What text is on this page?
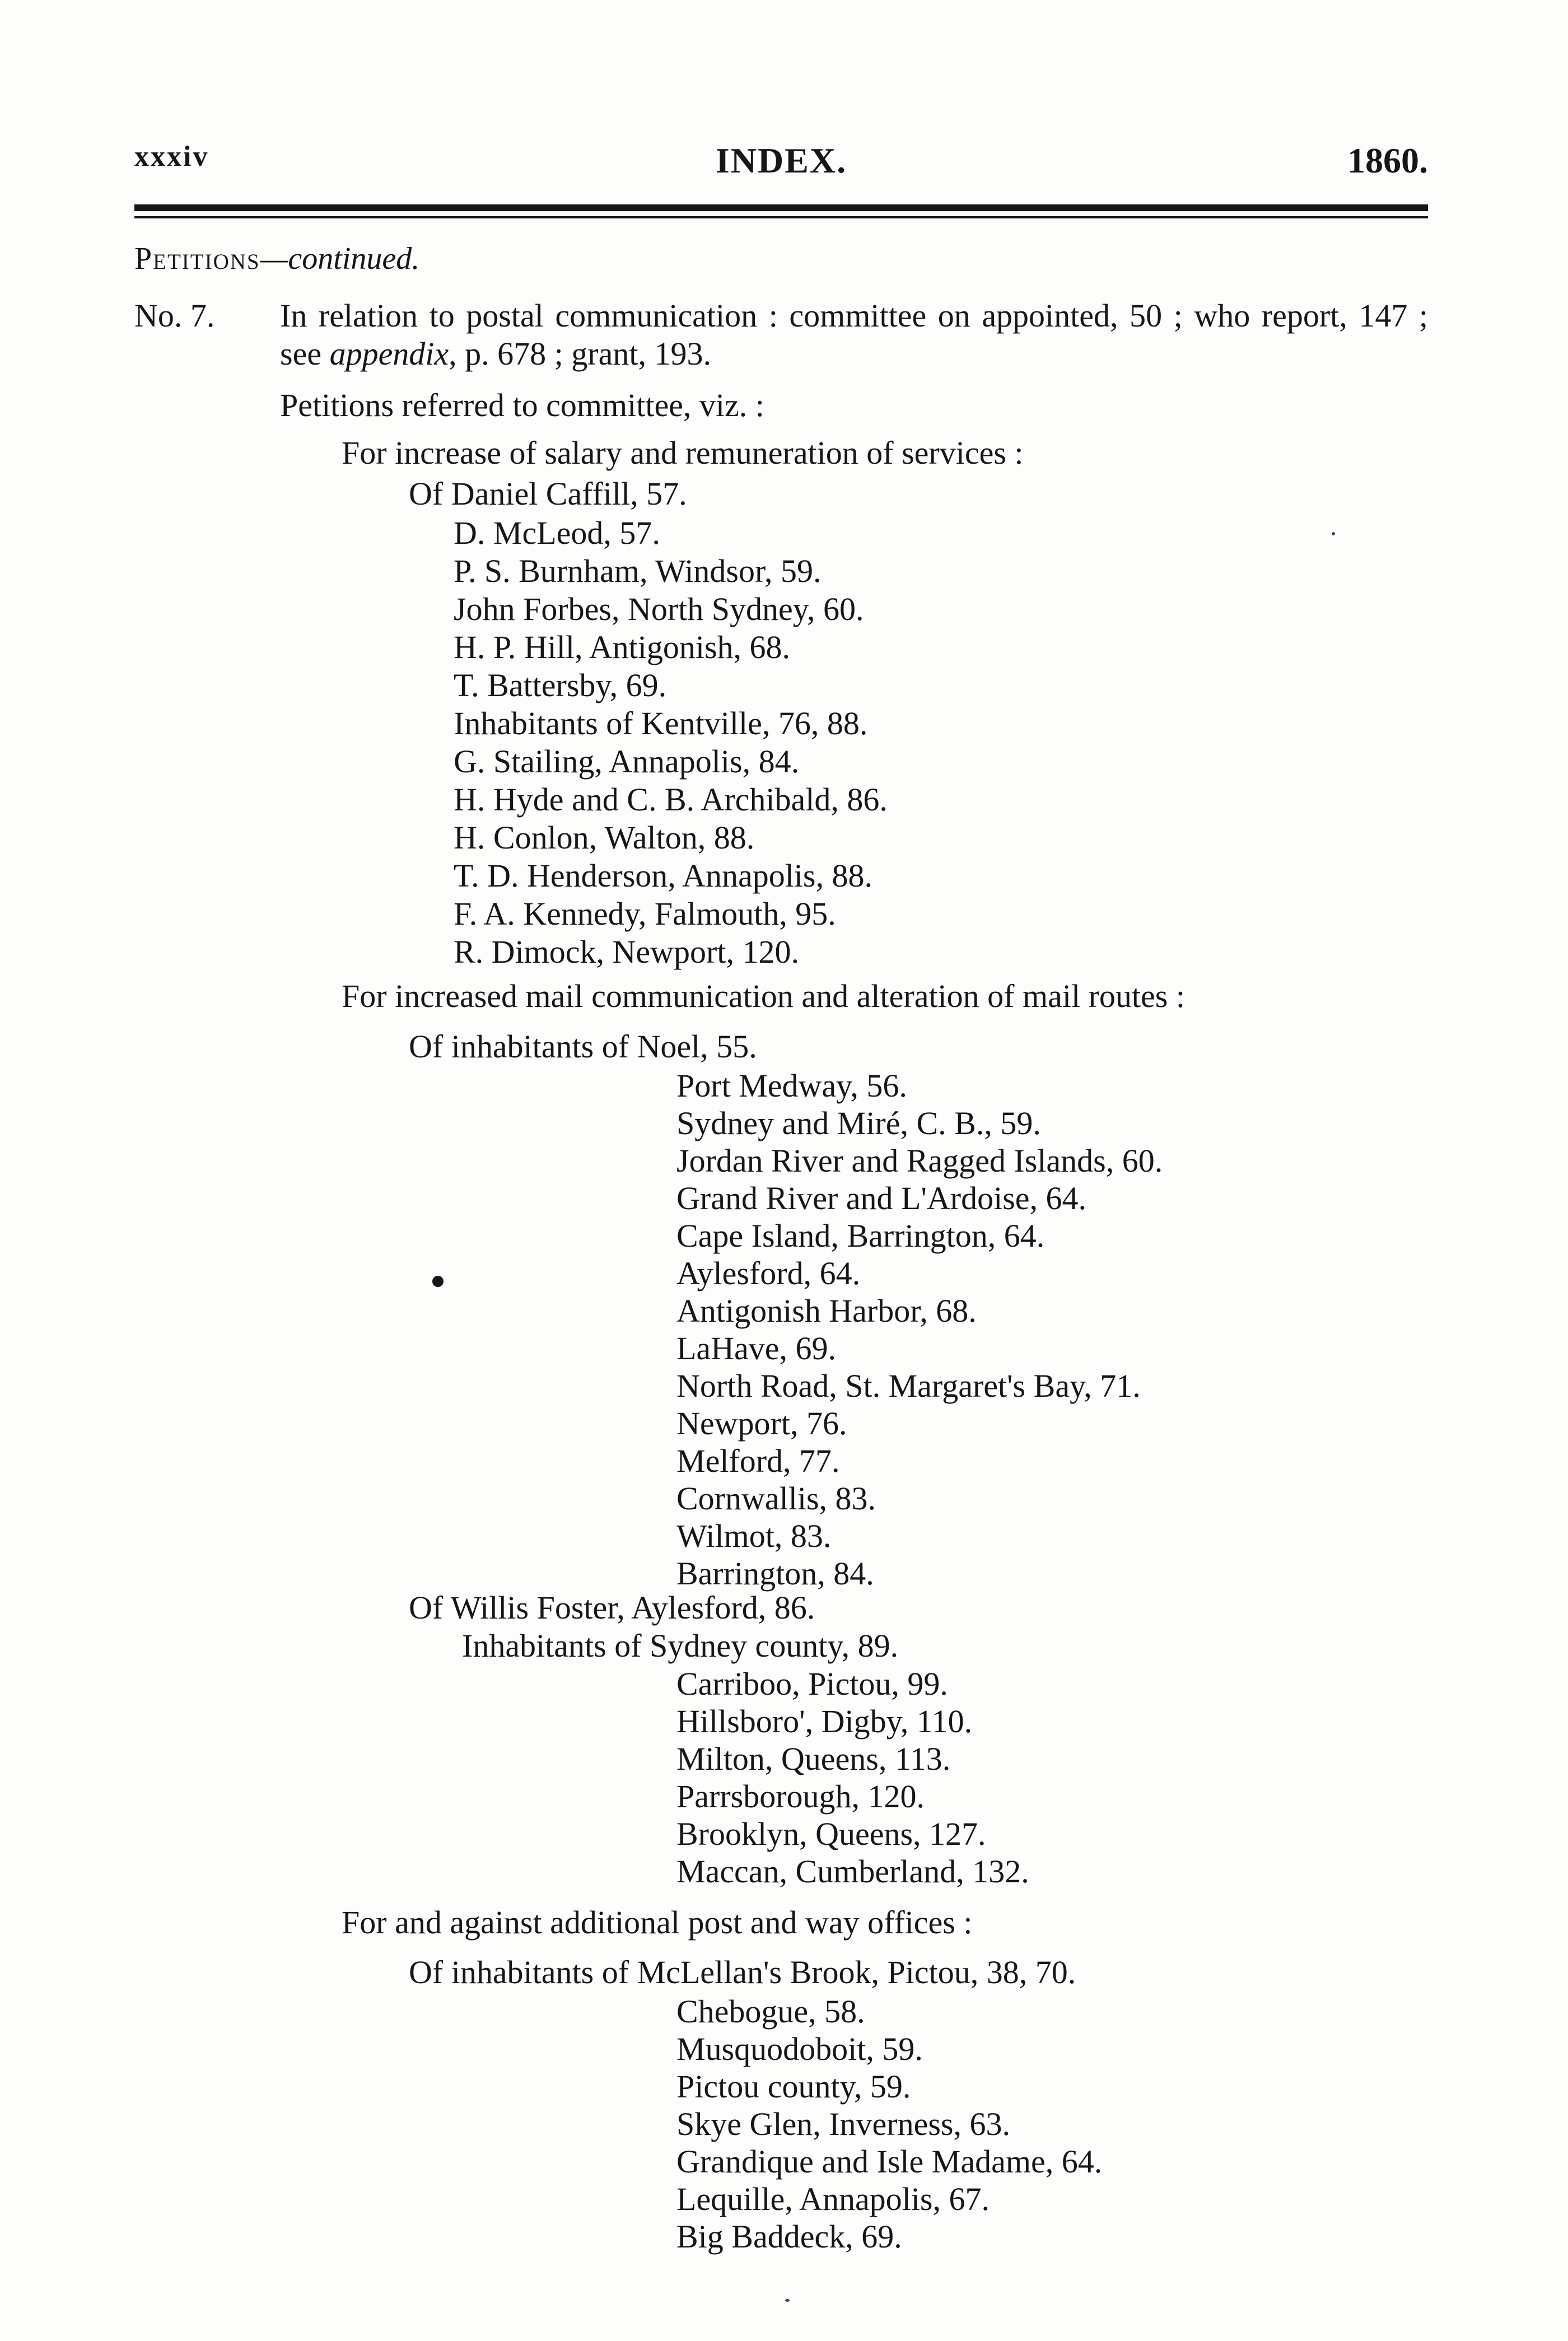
xxxiv	INDEX.	1860.
Petitions—continued.
No. 7. In relation to postal communication : committee on appointed, 50 ; who report, 147 ; see appendix, p. 678 ; grant, 193.
Petitions referred to committee, viz. :
For increase of salary and remuneration of services :
Of Daniel Caffill, 57.
D. McLeod, 57.
P. S. Burnham, Windsor, 59.
John Forbes, North Sydney, 60.
H. P. Hill, Antigonish, 68.
T. Battersby, 69.
Inhabitants of Kentville, 76, 88.
G. Stailing, Annapolis, 84.
H. Hyde and C. B. Archibald, 86.
H. Conlon, Walton, 88.
T. D. Henderson, Annapolis, 88.
F. A. Kennedy, Falmouth, 95.
R. Dimock, Newport, 120.
For increased mail communication and alteration of mail routes :
Of inhabitants of Noel, 55.
Port Medway, 56.
Sydney and Miré, C. B., 59.
Jordan River and Ragged Islands, 60.
Grand River and L'Ardoise, 64.
Cape Island, Barrington, 64.
Aylesford, 64.
Antigonish Harbor, 68.
LaHave, 69.
North Road, St. Margaret's Bay, 71.
Newport, 76.
Melford, 77.
Cornwallis, 83.
Wilmot, 83.
Barrington, 84.
Of Willis Foster, Aylesford, 86.
Inhabitants of Sydney county, 89.
Carriboo, Pictou, 99.
Hillsboro', Digby, 110.
Milton, Queens, 113.
Parrsborough, 120.
Brooklyn, Queens, 127.
Maccan, Cumberland, 132.
For and against additional post and way offices :
Of inhabitants of McLellan's Brook, Pictou, 38, 70.
Chebogue, 58.
Musquodoboit, 59.
Pictou county, 59.
Skye Glen, Inverness, 63.
Grandique and Isle Madame, 64.
Lequille, Annapolis, 67.
Big Baddeck, 69.
